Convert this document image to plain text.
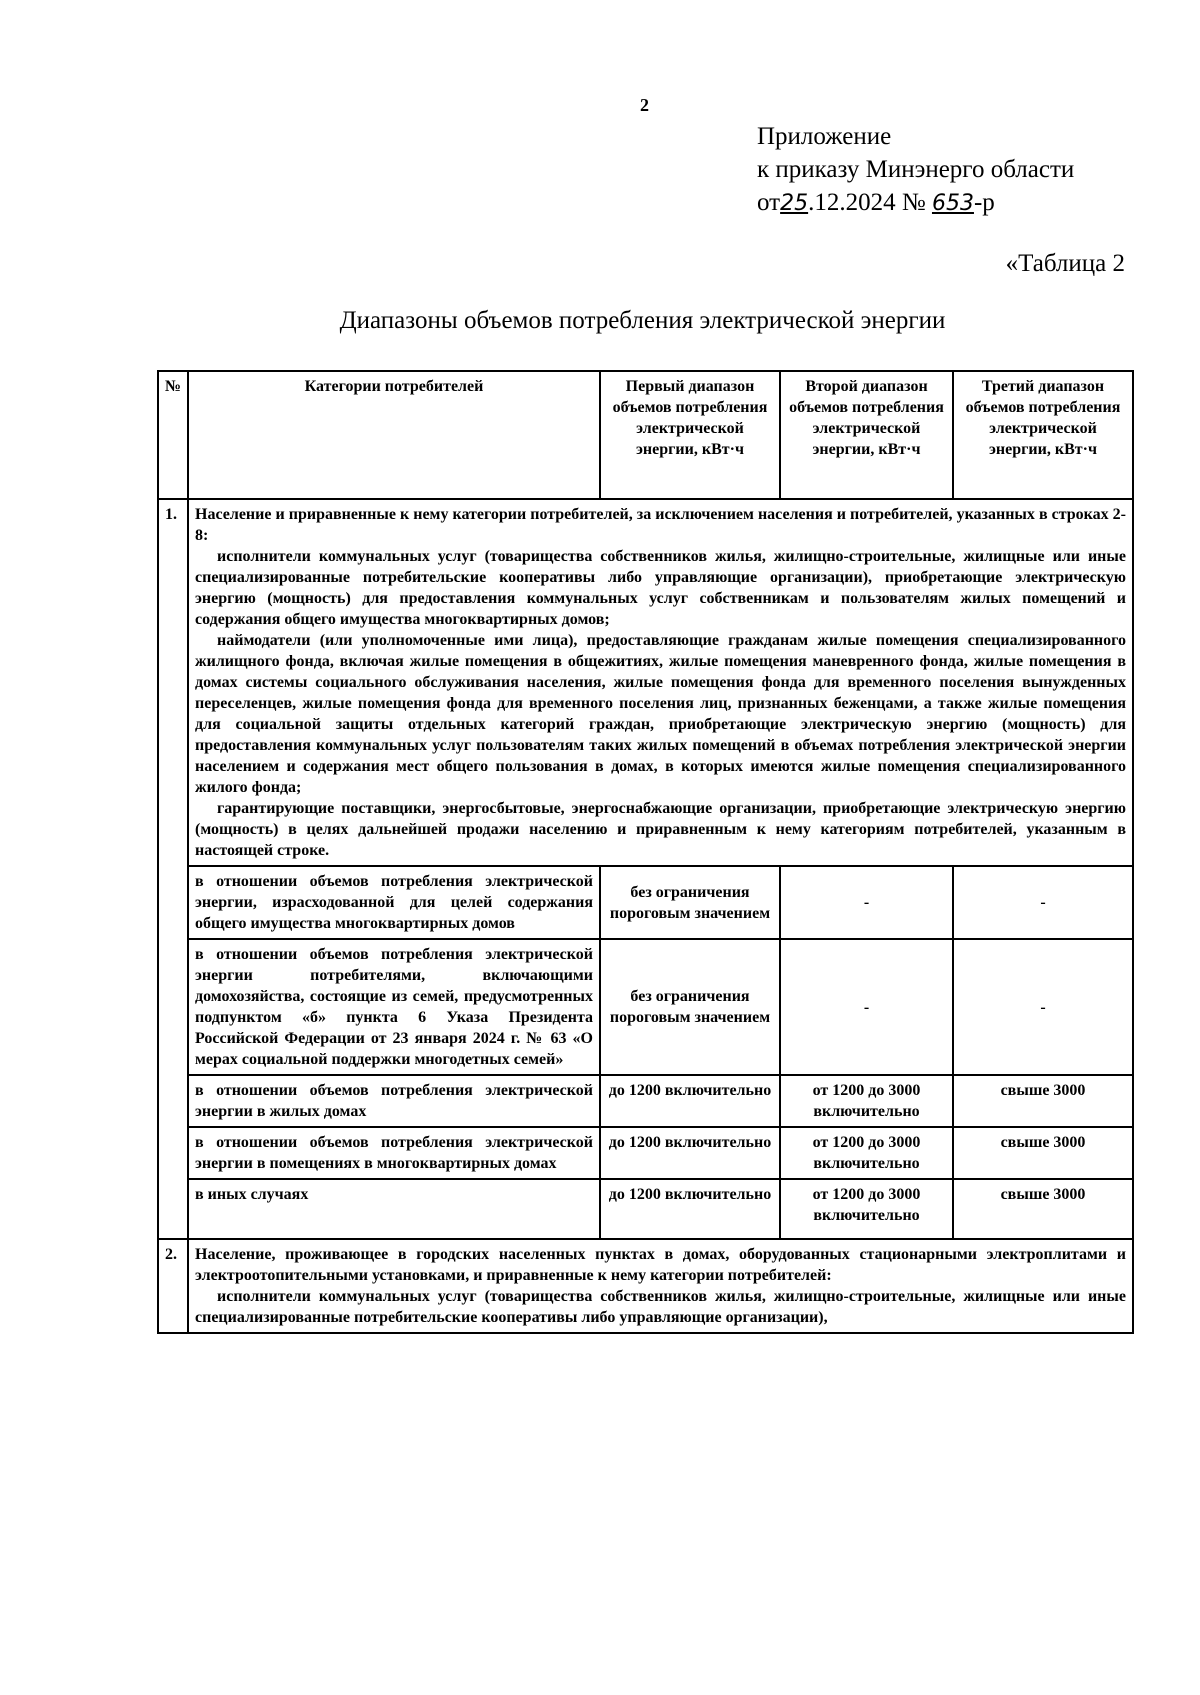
2
Приложение
к приказу Минэнерго области
от25.12.2024 № 653-р
«Таблица 2
Диапазоны объемов потребления электрической энергии
№	Категории потребителей	Первый диапазон объемов потребления электрической энергии, кВт·ч	Второй диапазон объемов потребления электрической энергии, кВт·ч	Третий диапазон объемов потребления электрической энергии, кВт·ч
1.	Население и приравненные к нему категории потребителей, за исключением населения и потребителей, указанных в строках 2-8:
исполнители коммунальных услуг (товарищества собственников жилья, жилищно-строительные, жилищные или иные специализированные потребительские кооперативы либо управляющие организации), приобретающие электрическую энергию (мощность) для предоставления коммунальных услуг собственникам и пользователям жилых помещений и содержания общего имущества многоквартирных домов;
наймодатели (или уполномоченные ими лица), предоставляющие гражданам жилые помещения специализированного жилищного фонда, включая жилые помещения в общежитиях, жилые помещения маневренного фонда, жилые помещения в домах системы социального обслуживания населения, жилые помещения фонда для временного поселения вынужденных переселенцев, жилые помещения фонда для временного поселения лиц, признанных беженцами, а также жилые помещения для социальной защиты отдельных категорий граждан, приобретающие электрическую энергию (мощность) для предоставления коммунальных услуг пользователям таких жилых помещений в объемах потребления электрической энергии населением и содержания мест общего пользования в домах, в которых имеются жилые помещения специализированного жилого фонда;
гарантирующие поставщики, энергосбытовые, энергоснабжающие организации, приобретающие электрическую энергию (мощность) в целях дальнейшей продажи населению и приравненным к нему категориям потребителей, указанным в настоящей строке.			

	в отношении объемов потребления электрической энергии, израсходованной для целей содержания общего имущества многоквартирных домов	без ограничения пороговым значением	-	-
	в отношении объемов потребления электрической энергии потребителями, включающими домохозяйства, состоящие из семей, предусмотренных подпунктом «б» пункта 6 Указа Президента Российской Федерации от 23 января 2024 г. № 63 «О мерах социальной поддержки многодетных семей»	без ограничения пороговым значением	-	-
	в отношении объемов потребления электрической энергии в жилых домах	до 1200 включительно	от 1200 до 3000 включительно	свыше 3000
	в отношении объемов потребления электрической энергии в помещениях в многоквартирных домах	до 1200 включительно	от 1200 до 3000 включительно	свыше 3000
	в иных случаях	до 1200 включительно	от 1200 до 3000 включительно	свыше 3000
2.	Население, проживающее в городских населенных пунктах в домах, оборудованных стационарными электроплитами и электроотопительными установками, и приравненные к нему категории потребителей:
исполнители коммунальных услуг (товарищества собственников жилья, жилищно-строительные, жилищные или иные специализированные потребительские кооперативы либо управляющие организации),			
